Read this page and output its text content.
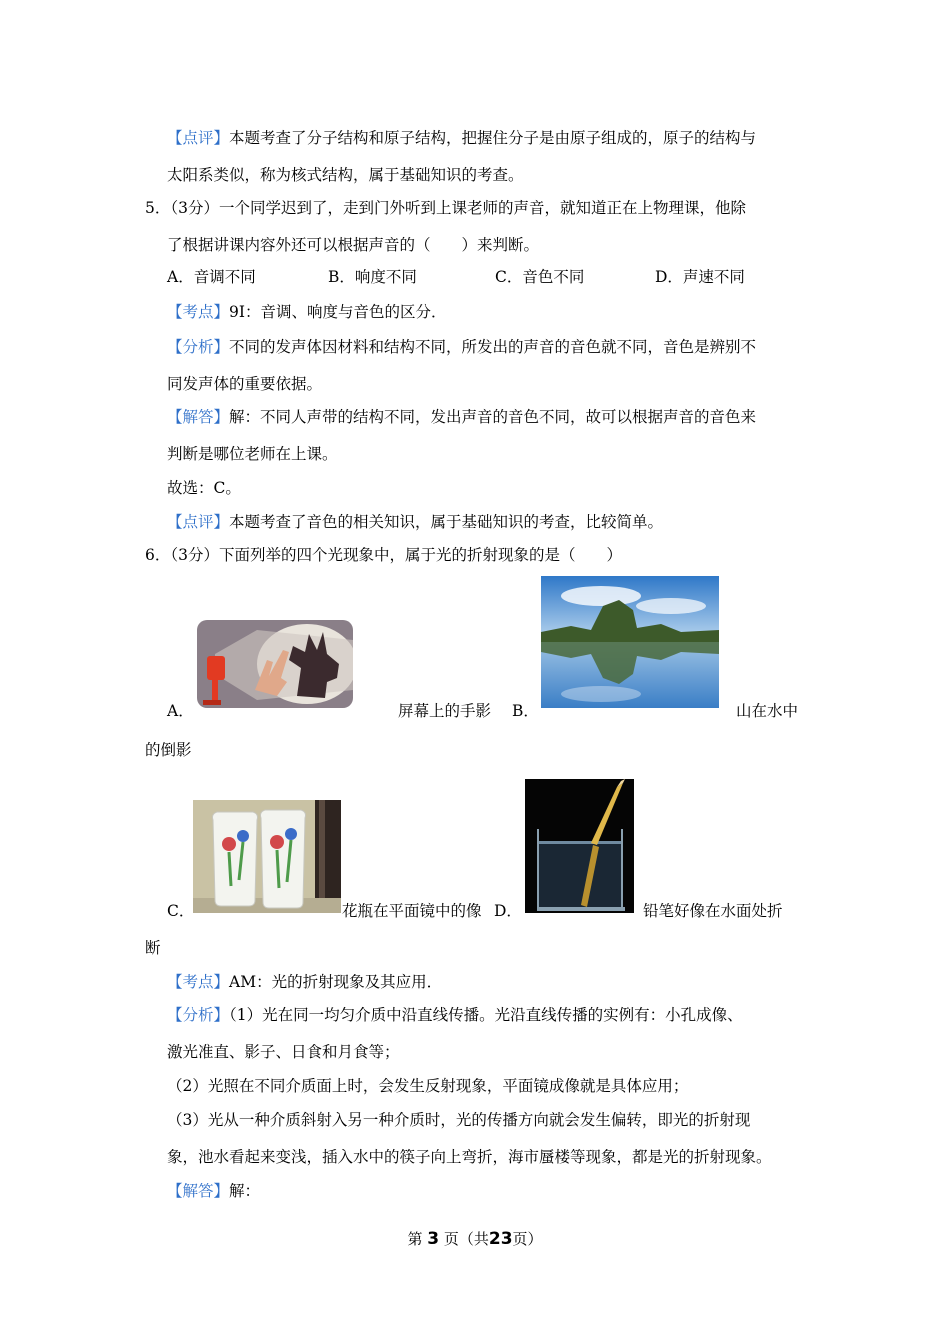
【点评】本题考查了分子结构和原子结构，把握住分子是由原子组成的，原子的结构与
太阳系类似，称为核式结构，属于基础知识的考查。
5．（3分）一个同学迟到了，走到门外听到上课老师的声音，就知道正在上物理课，他除
了根据讲课内容外还可以根据声音的（　　）来判断。
A．音调不同	B．响度不同	C．音色不同	D．声速不同
【考点】9I：音调、响度与音色的区分．
【分析】不同的发声体因材料和结构不同，所发出的声音的音色就不同，音色是辨别不
同发声体的重要依据。
【解答】解：不同人声带的结构不同，发出声音的音色不同，故可以根据声音的音色来
判断是哪位老师在上课。
故选：C。
【点评】本题考查了音色的相关知识，属于基础知识的考查，比较简单。
6．（3分）下面列举的四个光现象中，属于光的折射现象的是（　　）
A．	屏幕上的手影 B．	山在水中
的倒影
C．	花瓶在平面镜中的像 D．	铅笔好像在水面处折
断
【考点】AM：光的折射现象及其应用．
【分析】（1）光在同一均匀介质中沿直线传播。光沿直线传播的实例有：小孔成像、
激光准直、影子、日食和月食等；
（2）光照在不同介质面上时，会发生反射现象，平面镜成像就是具体应用；
（3）光从一种介质斜射入另一种介质时，光的传播方向就会发生偏转，即光的折射现
象，池水看起来变浅，插入水中的筷子向上弯折，海市蜃楼等现象，都是光的折射现象。
【解答】解：
第 3 页（共23页）
